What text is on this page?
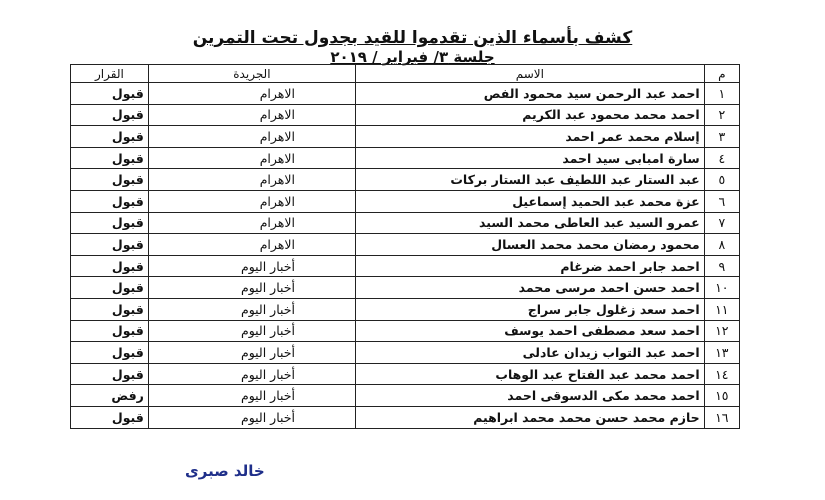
كشف بأسماء الذين تقدموا للقيد بجدول تحت التمرين
جلسة ٣/ فبراير / ٢٠١٩
م	الاسم	الجريدة	القرار
١	احمد عبد الرحمن سيد محمود الفص	الاهرام	قبول
٢	احمد محمد محمود عبد الكريم	الاهرام	قبول
٣	إسلام محمد عمر احمد	الاهرام	قبول
٤	سارة امبابى سيد احمد	الاهرام	قبول
٥	عبد الستار عبد اللطيف عبد الستار بركات	الاهرام	قبول
٦	عزة محمد عبد الحميد إسماعيل	الاهرام	قبول
٧	عمرو السيد عبد العاطى محمد السيد	الاهرام	قبول
٨	محمود رمضان محمد محمد العسال	الاهرام	قبول
٩	احمد جابر احمد ضرغام	أخبار اليوم	قبول
١٠	احمد حسن احمد مرسى محمد	أخبار اليوم	قبول
١١	احمد سعد زغلول جابر سراج	أخبار اليوم	قبول
١٢	احمد سعد مصطفى احمد يوسف	أخبار اليوم	قبول
١٣	احمد عبد التواب زيدان عادلى	أخبار اليوم	قبول
١٤	احمد محمد عبد الفتاح عبد الوهاب	أخبار اليوم	قبول
١٥	احمد محمد مكى الدسوقى احمد	أخبار اليوم	رفض
١٦	حازم محمد حسن محمد محمد ابراهيم	أخبار اليوم	قبول
خالد صبرى
